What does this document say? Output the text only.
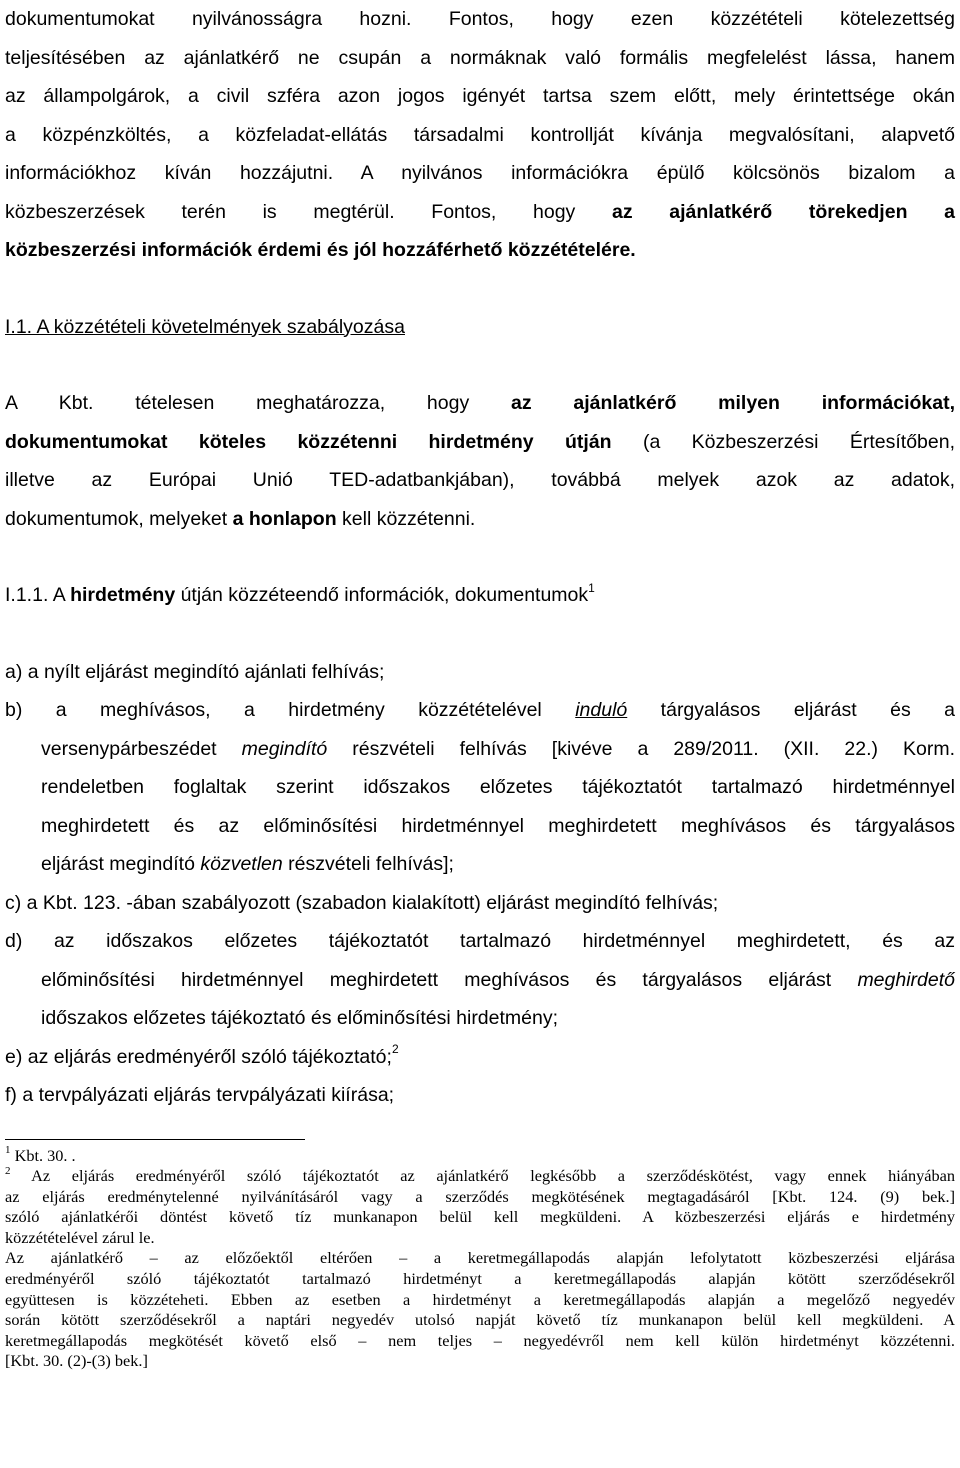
dokumentumokat nyilvánosságra hozni. Fontos, hogy ezen közzétételi kötelezettség
teljesítésében az ajánlatkérő ne csupán a normáknak való formális megfelelést lássa, hanem
az állampolgárok, a civil szféra azon jogos igényét tartsa szem előtt, mely érintettsége okán
a közpénzköltés, a közfeladat-ellátás társadalmi kontrollját kívánja megvalósítani, alapvető
információkhoz kíván hozzájutni. A nyilvános információkra épülő kölcsönös bizalom a
közbeszerzések terén is megtérül. Fontos, hogy az ajánlatkérő törekedjen a
közbeszerzési információk érdemi és jól hozzáférhető közzétételére.
I.1. A közzétételi követelmények szabályozása
A Kbt. tételesen meghatározza, hogy az ajánlatkérő milyen információkat,
dokumentumokat köteles közzétenni hirdetmény útján (a Közbeszerzési Értesítőben,
illetve az Európai Unió TED-adatbankjában), továbbá melyek azok az adatok,
dokumentumok, melyeket a honlapon kell közzétenni.
I.1.1. A hirdetmény útján közzéteendő információk, dokumentumok$^1$
a) a nyílt eljárást megindító ajánlati felhívás;
b) a meghívásos, a hirdetmény közzétételével induló tárgyalásos eljárást és a
versenypárbeszédet megindító részvételi felhívás [kivéve a 289/2011. (XII. 22.) Korm.
rendeletben foglaltak szerint időszakos előzetes tájékoztatót tartalmazó hirdetménnyel
meghirdetett és az előminősítési hirdetménnyel meghirdetett meghívásos és tárgyalásos
eljárást megindító közvetlen részvételi felhívás];
c) a Kbt. 123. -ában szabályozott (szabadon kialakított) eljárást megindító felhívás;
d) az időszakos előzetes tájékoztatót tartalmazó hirdetménnyel meghirdetett, és az
előminősítési hirdetménnyel meghirdetett meghívásos és tárgyalásos eljárást meghirdető
időszakos előzetes tájékoztató és előminősítési hirdetmény;
e) az eljárás eredményéről szóló tájékoztató;$^2$
f) a tervpályázati eljárás tervpályázati kiírása;
$^1$ Kbt. 30. .
$^2$ Az eljárás eredményéről szóló tájékoztatót az ajánlatkérő legkésőbb a szerződéskötést, vagy ennek hiányában
az eljárás eredménytelenné nyilvánításáról vagy a szerződés megkötésének megtagadásáról [Kbt. 124. (9) bek.]
szóló ajánlatkérői döntést követő tíz munkanapon belül kell megküldeni. A közbeszerzési eljárás e hirdetmény
közzétételével zárul le.
Az ajánlatkérő – az előzőektől eltérően – a keretmegállapodás alapján lefolytatott közbeszerzési eljárása
eredményéről szóló tájékoztatót tartalmazó hirdetményt a keretmegállapodás alapján kötött szerződésekről
együttesen is közzéteheti. Ebben az esetben a hirdetményt a keretmegállapodás alapján a megelőző negyedév
során kötött szerződésekről a naptári negyedév utolsó napját követő tíz munkanapon belül kell megküldeni. A
keretmegállapodás megkötését követő első – nem teljes – negyedévről nem kell külön hirdetményt közzétenni.
[Kbt. 30. (2)-(3) bek.]
